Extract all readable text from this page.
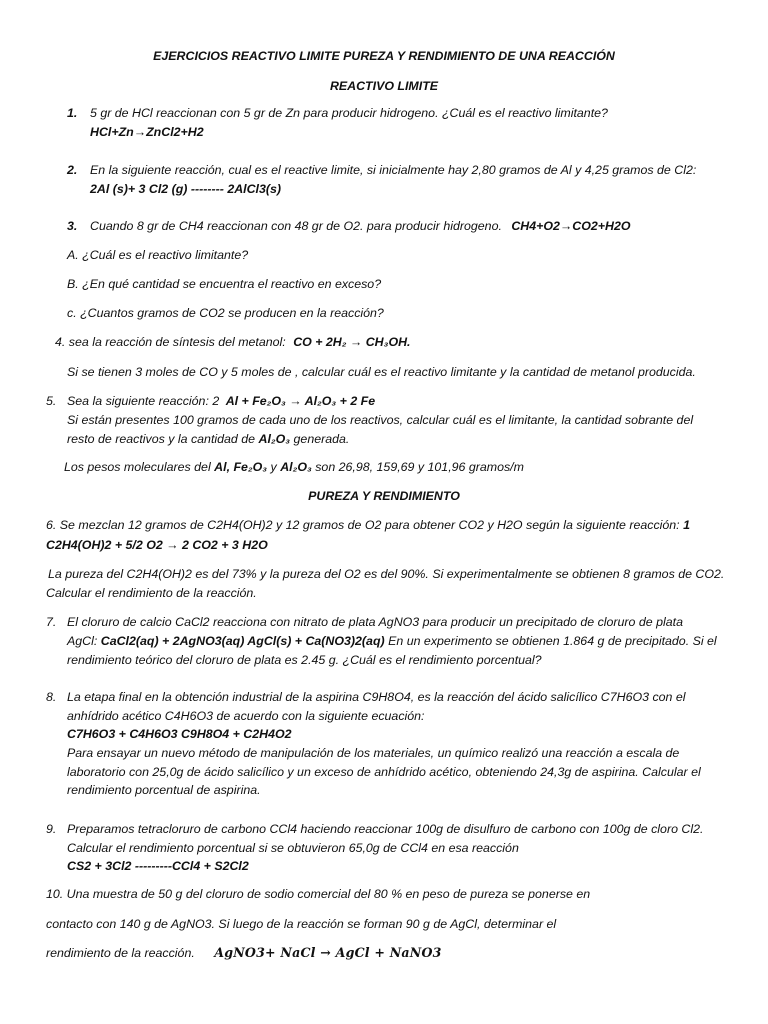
EJERCICIOS REACTIVO LIMITE PUREZA Y RENDIMIENTO DE UNA REACCIÓN
REACTIVO LIMITE
1. 5 gr de HCl reaccionan con 5 gr de Zn para producir hidrogeno. ¿Cuál es el reactivo limitante?
HCl+Zn→ZnCl2+H2
2. En la siguiente reacción, cual es el reactive limite, si inicialmente hay 2,80 gramos de Al y 4,25 gramos de Cl2:
2Al (s)+ 3 Cl2 (g) -------- 2AlCl3(s)
3. Cuando 8 gr de CH4 reaccionan con 48 gr de O2. para producir hidrogeno. CH4+O2→CO2+H2O
A. ¿Cuál es el reactivo limitante?
B. ¿En qué cantidad se encuentra el reactivo en exceso?
c. ¿Cuantos gramos de CO2 se producen en la reacción?
4. sea la reacción de síntesis del metanol: CO + 2H₂ → CH₃OH.
Si se tienen 3 moles de CO y 5 moles de , calcular cuál es el reactivo limitante y la cantidad de metanol producida.
5. Sea la siguiente reacción: 2 Al + Fe₂O₃ → Al₂O₃ + 2 Fe
Si están presentes 100 gramos de cada uno de los reactivos, calcular cuál es el limitante, la cantidad sobrante del
resto de reactivos y la cantidad de Al₂O₃ generada.
Los pesos moleculares del Al, Fe₂O₃ y Al₂O₃ son 26,98, 159,69 y 101,96 gramos/m
PUREZA Y RENDIMIENTO
6. Se mezclan 12 gramos de C2H4(OH)2 y 12 gramos de O2 para obtener CO2 y H2O según la siguiente reacción: 1
C2H4(OH)2 + 5/2 O2 → 2 CO2 + 3 H2O
La pureza del C2H4(OH)2 es del 73% y la pureza del O2 es del 90%. Si experimentalmente se obtienen 8 gramos de CO2.
Calcular el rendimiento de la reacción.
7. El cloruro de calcio CaCl2 reacciona con nitrato de plata AgNO3 para producir un precipitado de cloruro de plata
AgCl: CaCl2(aq) + 2AgNO3(aq) AgCl(s) + Ca(NO3)2(aq) En un experimento se obtienen 1.864 g de precipitado. Si el
rendimiento teórico del cloruro de plata es 2.45 g. ¿Cuál es el rendimiento porcentual?
8. La etapa final en la obtención industrial de la aspirina C9H8O4, es la reacción del ácido salicílico C7H6O3 con el
anhídrido acético C4H6O3 de acuerdo con la siguiente ecuación:
C7H6O3 + C4H6O3 C9H8O4 + C2H4O2
Para ensayar un nuevo método de manipulación de los materiales, un químico realizó una reacción a escala de
laboratorio con 25,0g de ácido salicílico y un exceso de anhídrido acético, obteniendo 24,3g de aspirina. Calcular el
rendimiento porcentual de aspirina.
9. Preparamos tetracloruro de carbono CCl4 haciendo reaccionar 100g de disulfuro de carbono con 100g de cloro Cl2.
Calcular el rendimiento porcentual si se obtuvieron 65,0g de CCl4 en esa reacción
CS2 + 3Cl2 ---------CCl4 + S2Cl2
10. Una muestra de 50 g del cloruro de sodio comercial del 80 % en peso de pureza se ponerse en
contacto con 140 g de AgNO3. Si luego de la reacción se forman 90 g de AgCl, determinar el
rendimiento de la reacción. AgNO3+ NaCl → AgCl + NaNO3
